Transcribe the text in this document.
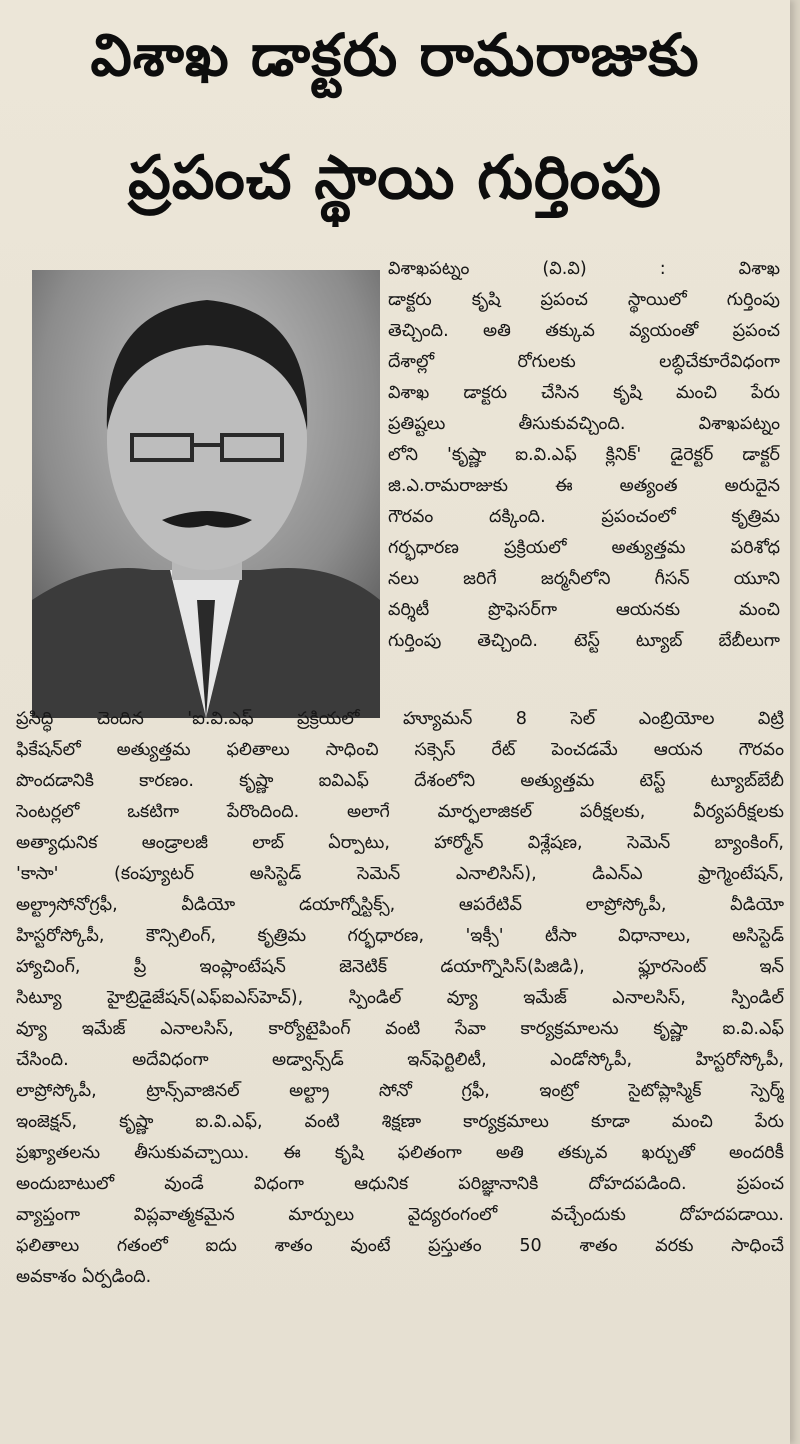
విశాఖ డాక్టరు రామరాజుకు
ప్రపంచ స్థాయి గుర్తింపు
విశాఖపట్నం (వి.వి) : విశాఖ
డాక్టరు కృషి ప్రపంచ స్థాయిలో గుర్తింపు
తెచ్చింది. అతి తక్కువ వ్యయంతో ప్రపంచ
దేశాల్లో రోగులకు లబ్ధిచేకూరేవిధంగా
విశాఖ డాక్టరు చేసిన కృషి మంచి పేరు
ప్రతిష్టలు తీసుకువచ్చింది. విశాఖపట్నం
లోని 'కృష్ణా ఐ.వి.ఎఫ్ క్లినిక్' డైరెక్టర్ డాక్టర్
జి.ఎ.రామరాజుకు ఈ అత్యంత అరుదైన
గౌరవం దక్కింది. ప్రపంచంలో కృత్రిమ
గర్భధారణ ప్రక్రియలో అత్యుత్తమ పరిశోధ
నలు జరిగే జర్మనీలోని గీసన్ యూని
వర్శిటీ ప్రొఫెసర్‌గా ఆయనకు మంచి
గుర్తింపు తెచ్చింది. టెస్ట్ ట్యూబ్ బేబీలుగా
ప్రసిద్ధి చెందిన 'ఐ.వి.ఎఫ్ ప్రక్రియలో హ్యూమన్ 8 సెల్ ఎంబ్రియోల విట్రి
ఫికేషన్‌లో అత్యుత్తమ ఫలితాలు సాధించి సక్సెస్ రేట్ పెంచడమే ఆయన గౌరవం
పొందడానికి కారణం. కృష్ణా ఐవిఎఫ్ దేశంలోని అత్యుత్తమ టెస్ట్ ట్యూబ్‌బేబీ
సెంటర్లలో ఒకటిగా పేరొందింది. అలాగే మార్ఫలాజికల్ పరీక్షలకు, వీర్యపరీక్షలకు
అత్యాధునిక ఆండ్రాలజీ లాబ్ ఏర్పాటు, హార్మోన్ విశ్లేషణ, సెమెన్ బ్యాంకింగ్,
'కాసా' (కంప్యూటర్ అసిస్టెడ్ సెమెన్ ఎనాలిసిస్), డిఎన్ఎ ఫ్రాగ్మెంటేషన్,
అల్ట్రాసోనోగ్రఫీ, వీడియో డయాగ్నోస్టిక్స్, ఆపరేటివ్ లాప్రోస్కోపీ, వీడియో
హిస్టరోస్కోపీ, కౌన్సిలింగ్, కృత్రిమ గర్భధారణ, 'ఇక్సీ' టీసా విధానాలు, అసిస్టెడ్
హ్యాచింగ్, ప్రీ ఇంప్లాంటేషన్ జెనెటిక్ డయాగ్నొసిస్(పిజిడి), ఫ్లూరసెంట్ ఇన్
సిట్యూ హైబ్రిడైజేషన్(ఎఫ్ఐఎస్‌హెచ్), స్పిండిల్ వ్యూ ఇమేజ్ ఎనాలసిస్, స్పిండిల్
వ్యూ ఇమేజ్ ఎనాలసిస్, కార్యోటైపింగ్ వంటి సేవా కార్యక్రమాలను కృష్ణా ఐ.వి.ఎఫ్
చేసింది. అదేవిధంగా అడ్వాన్స్‌డ్ ఇన్‌ఫెర్టిలిటీ, ఎండోస్కోపీ, హిస్టరోస్కోపీ,
లాప్రోస్కోపీ, ట్రాన్స్‌వాజినల్ అల్ట్రా సోనో గ్రఫీ, ఇంట్రో సైటోప్లాస్మిక్ స్పెర్మ్
ఇంజెక్షన్, కృష్ణా ఐ.వి.ఎఫ్, వంటి శిక్షణా కార్యక్రమాలు కూడా మంచి పేరు
ప్రఖ్యాతలను తీసుకువచ్చాయి. ఈ కృషి ఫలితంగా అతి తక్కువ ఖర్చుతో అందరికీ
అందుబాటులో వుండే విధంగా ఆధునిక పరిజ్ఞానానికి దోహదపడింది. ప్రపంచ
వ్యాప్తంగా విప్లవాత్మకమైన మార్పులు వైద్యరంగంలో వచ్చేందుకు దోహదపడాయి.
ఫలితాలు గతంలో ఐదు శాతం వుంటే ప్రస్తుతం 50 శాతం వరకు సాధించే
అవకాశం ఏర్పడింది.
